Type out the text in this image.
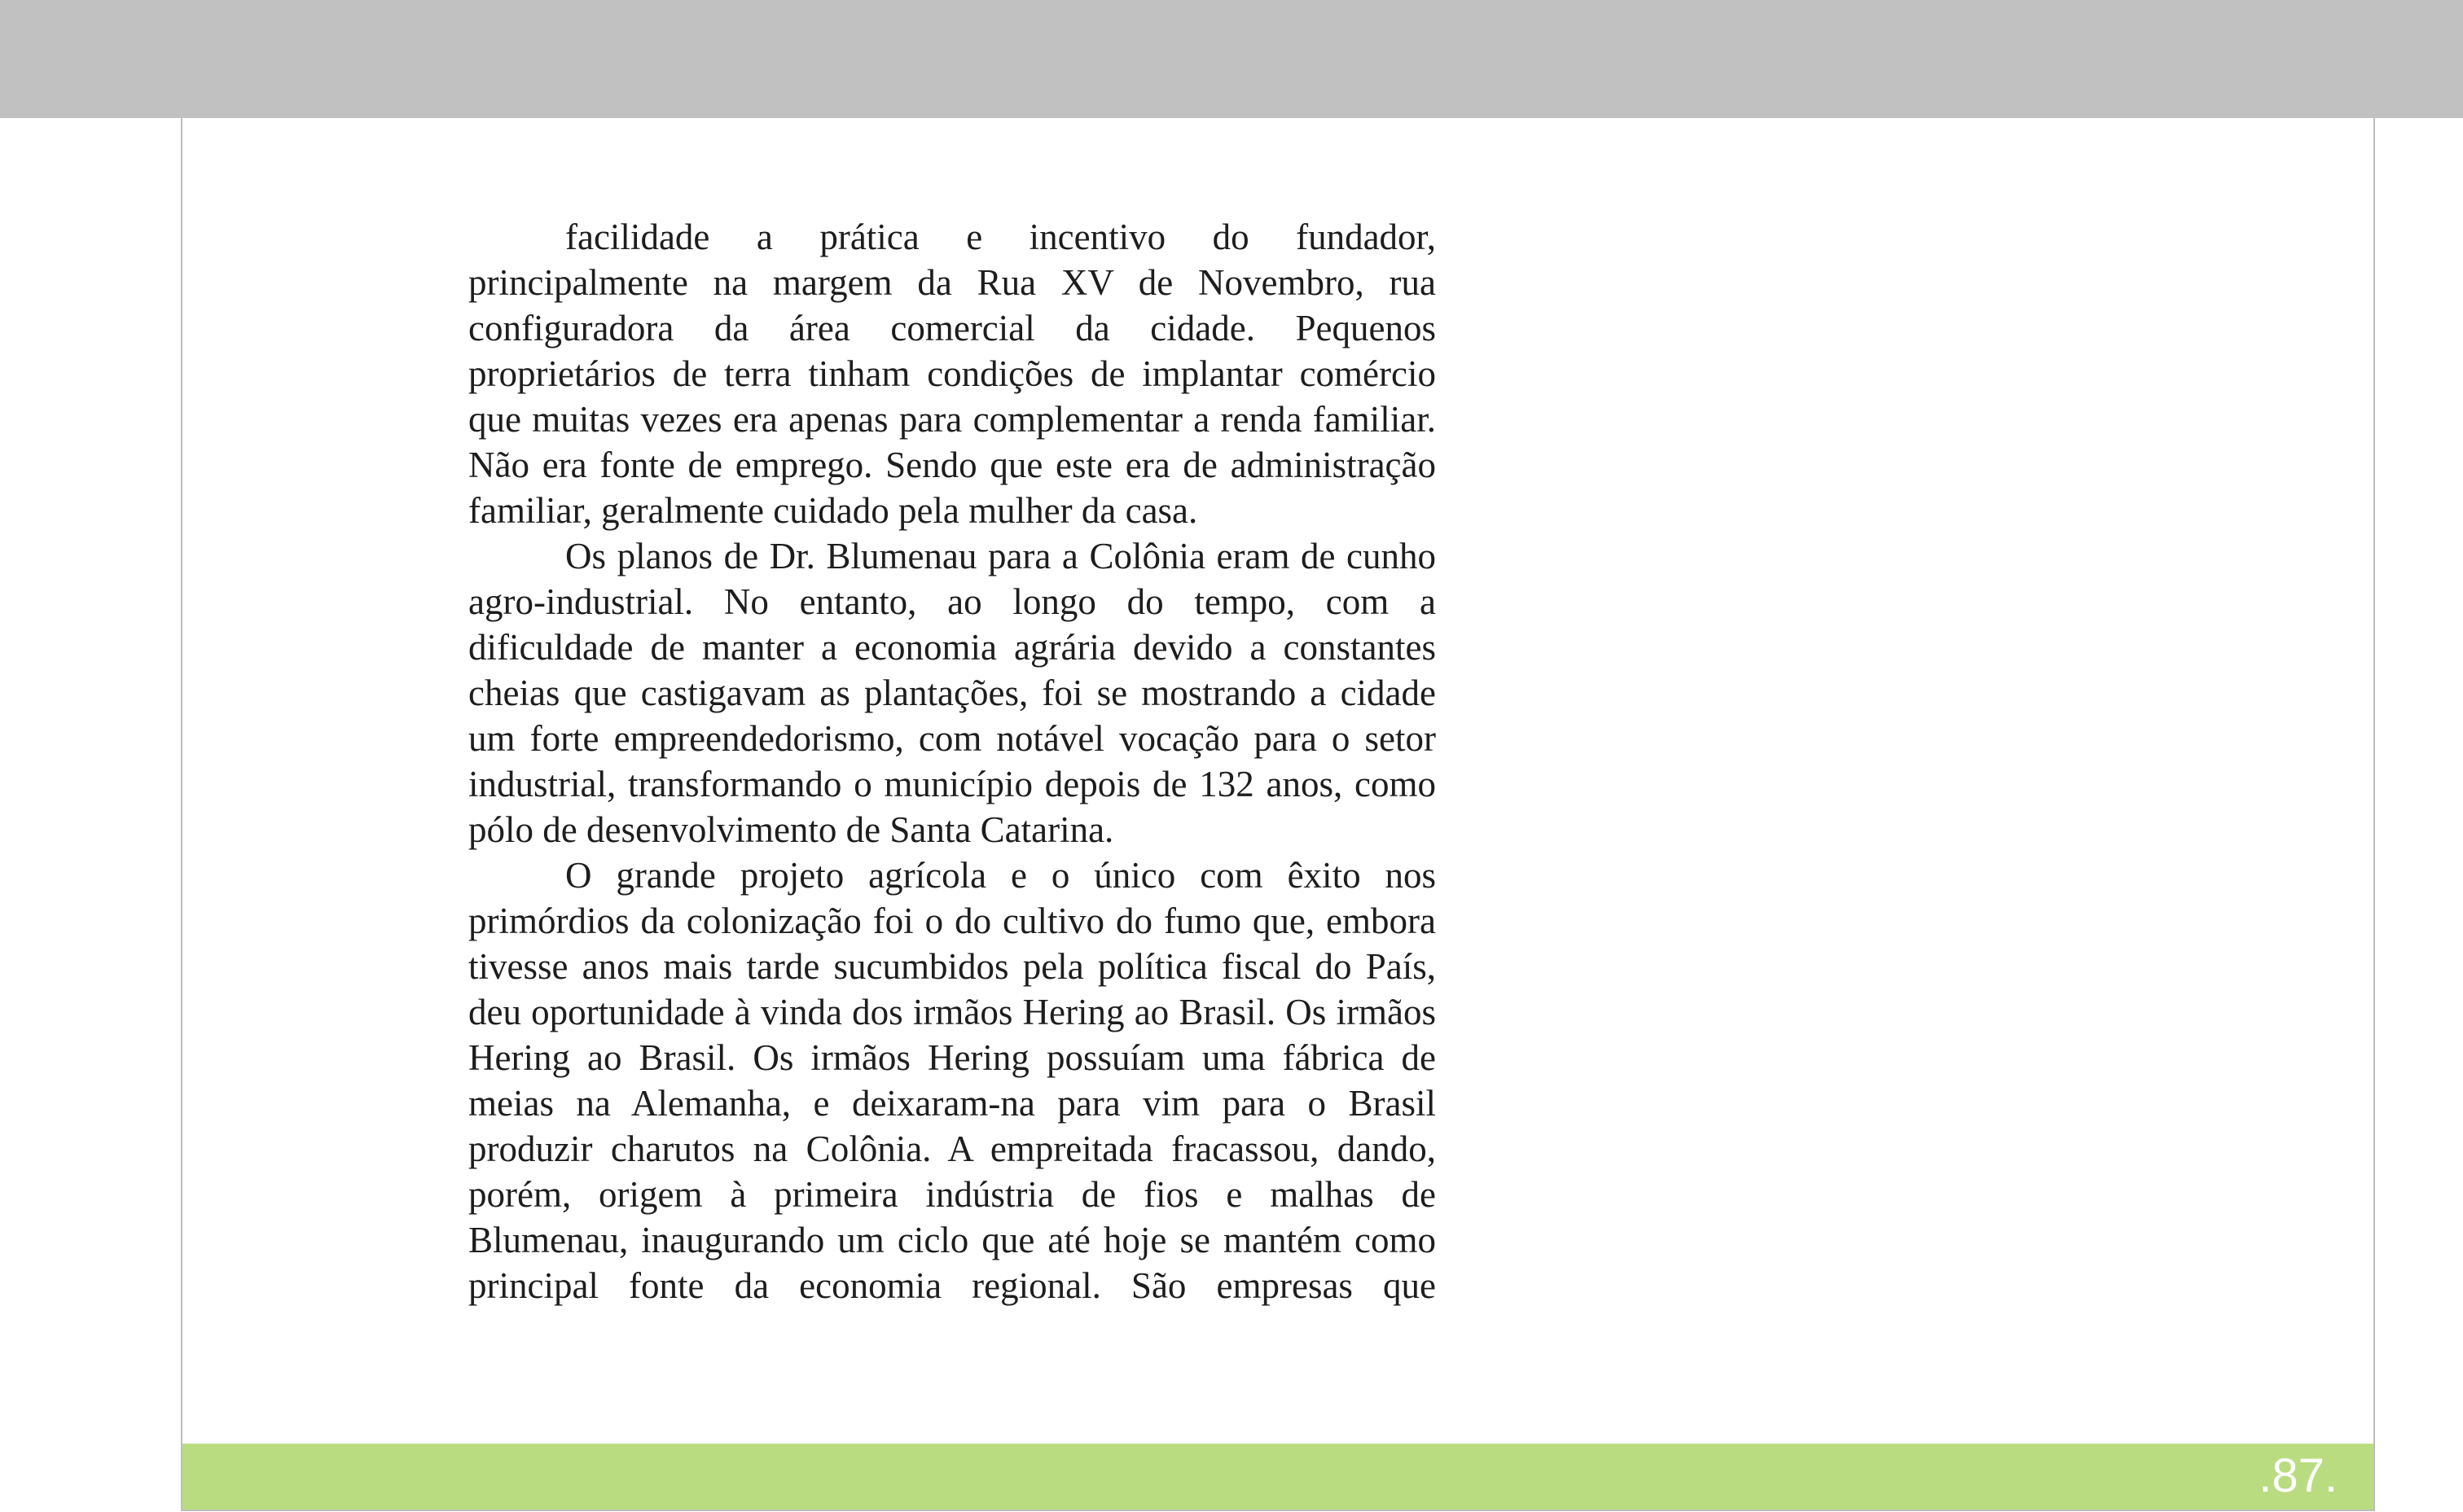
facilidade a prática e incentivo do fundador, principalmente na margem da Rua XV de Novembro, rua configuradora da área comercial da cidade. Pequenos proprietários de terra tinham condições de implantar comércio que muitas vezes era apenas para complementar a renda familiar. Não era fonte de emprego. Sendo que este era de administração familiar, geralmente cuidado pela mulher da casa.

Os planos de Dr. Blumenau para a Colônia eram de cunho agro-industrial. No entanto, ao longo do tempo, com a dificuldade de manter a economia agrária devido a constantes cheias que castigavam as plantações, foi se mostrando a cidade um forte empreendedorismo, com notável vocação para o setor industrial, transformando o município depois de 132 anos, como pólo de desenvolvimento de Santa Catarina.

O grande projeto agrícola e o único com êxito nos primórdios da colonização foi o do cultivo do fumo que, embora tivesse anos mais tarde sucumbidos pela política fiscal do País, deu oportunidade à vinda dos irmãos Hering ao Brasil. Os irmãos Hering ao Brasil. Os irmãos Hering possuíam uma fábrica de meias na Alemanha, e deixaram-na para vim para o Brasil produzir charutos na Colônia. A empreitada fracassou, dando, porém, origem à primeira indústria de fios e malhas de Blumenau, inaugurando um ciclo que até hoje se mantém como principal fonte da economia regional. São empresas que

.87.
